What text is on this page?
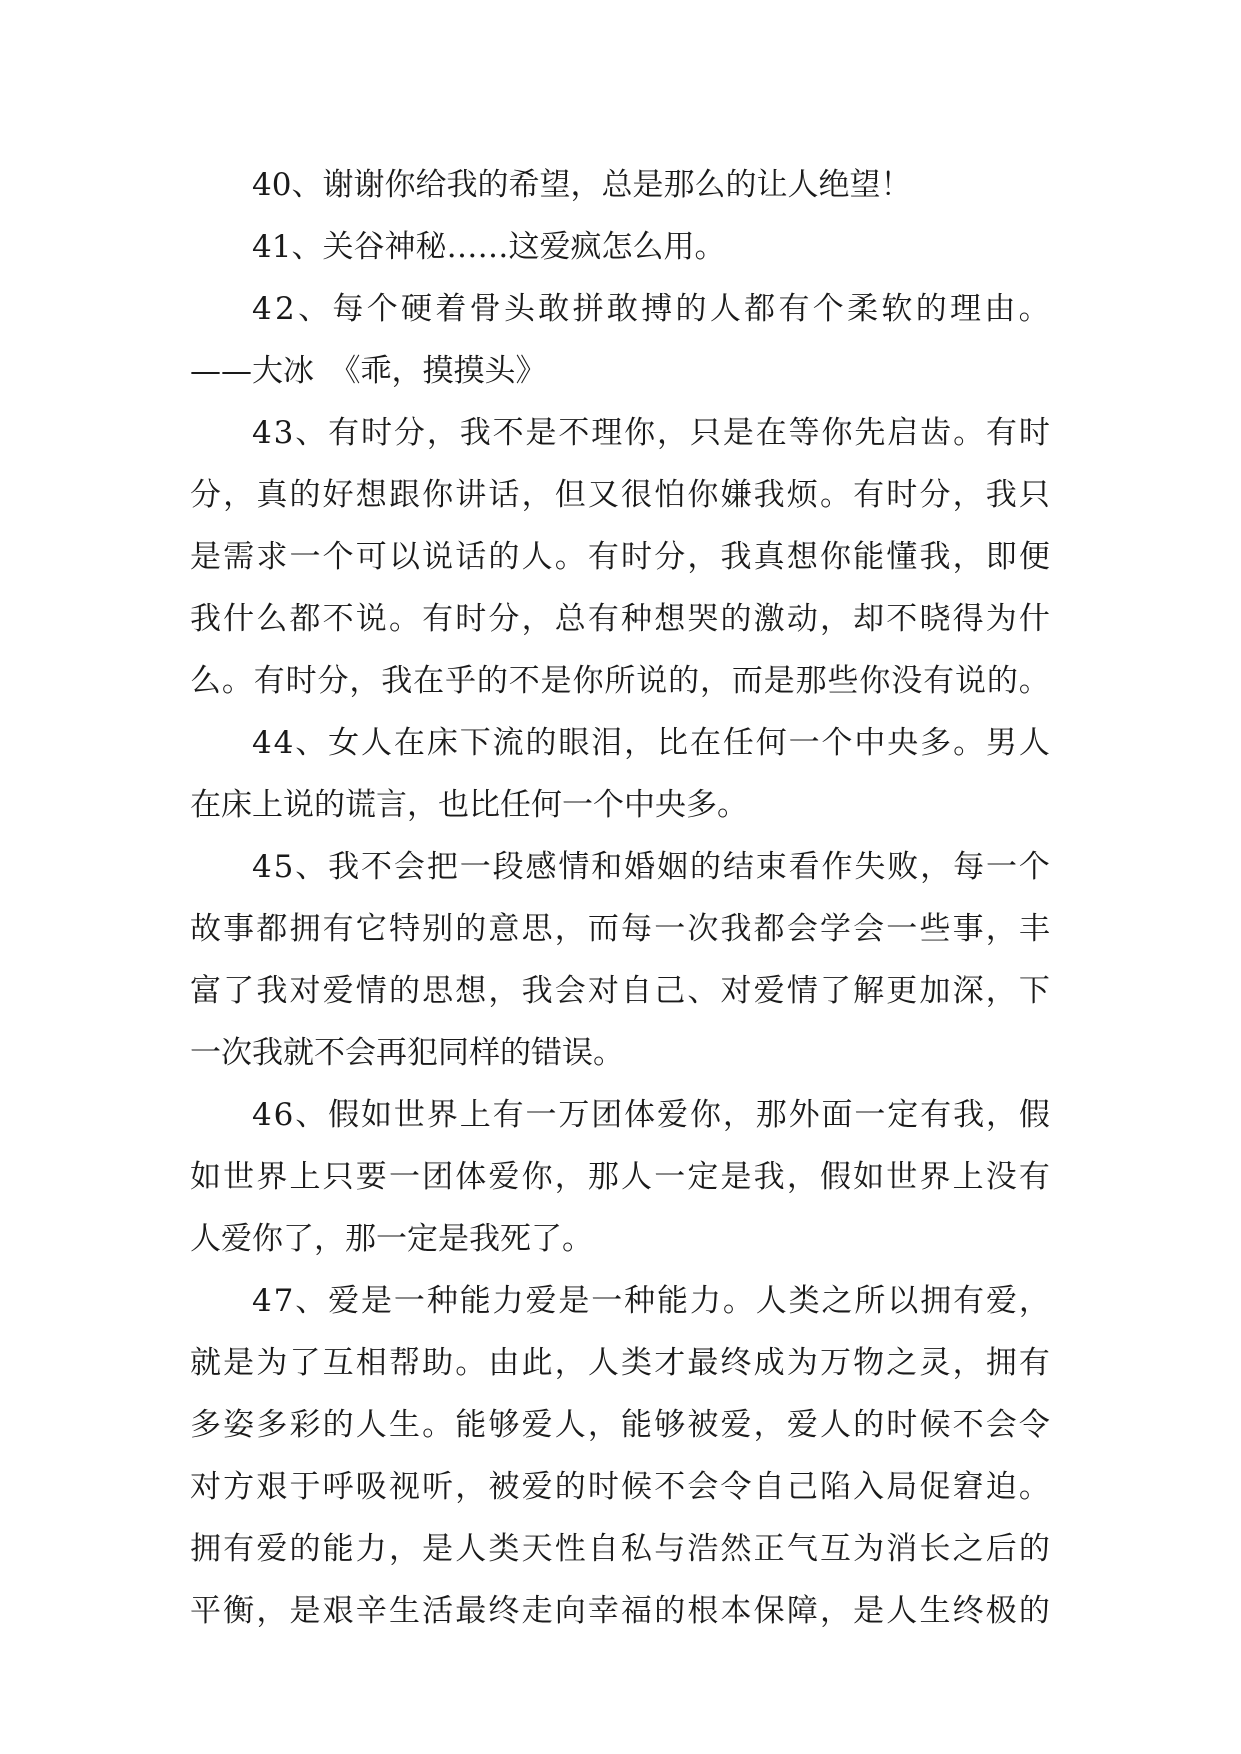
40、谢谢你给我的希望，总是那么的让人绝望！
41、关谷神秘……这爱疯怎么用。
4 2 、 每 个 硬 着 骨 头 敢 拼 敢 搏 的 人 都 有 个 柔 软 的 理 由 。
——大冰　《乖，摸摸头》
4 3 、 有 时 分 ， 我 不 是 不 理 你 ， 只 是 在 等 你 先 启 齿 。 有 时
分 ， 真 的 好 想 跟 你 讲 话 ， 但 又 很 怕 你 嫌 我 烦 。 有 时 分 ， 我 只
是 需 求 一 个 可 以 说 话 的 人 。 有 时 分 ， 我 真 想 你 能 懂 我 ， 即 便
我 什 么 都 不 说 。 有 时 分 ， 总 有 种 想 哭 的 激 动 ， 却 不 晓 得 为 什
么 。 有 时 分 ， 我 在 乎 的 不 是 你 所 说 的 ， 而 是 那 些 你 没 有 说 的 。
4 4 、 女 人 在 床 下 流 的 眼 泪 ， 比 在 任 何 一 个 中 央 多 。 男 人
在床上说的谎言，也比任何一个中央多。
4 5 、 我 不 会 把 一 段 感 情 和 婚 姻 的 结 束 看 作 失 败 ， 每 一 个
故 事 都 拥 有 它 特 别 的 意 思 ， 而 每 一 次 我 都 会 学 会 一 些 事 ， 丰
富 了 我 对 爱 情 的 思 想 ， 我 会 对 自 己 、 对 爱 情 了 解 更 加 深 ， 下
一次我就不会再犯同样的错误。
4 6 、 假 如 世 界 上 有 一 万 团 体 爱 你 ， 那 外 面 一 定 有 我 ， 假
如 世 界 上 只 要 一 团 体 爱 你 ， 那 人 一 定 是 我 ， 假 如 世 界 上 没 有
人爱你了，那一定是我死了。
4 7 、 爱 是 一 种 能 力 爱 是 一 种 能 力 。 人 类 之 所 以 拥 有 爱 ，
就 是 为 了 互 相 帮 助 。 由 此 ， 人 类 才 最 终 成 为 万 物 之 灵 ， 拥 有
多 姿 多 彩 的 人 生 。 能 够 爱 人 ， 能 够 被 爱 ， 爱 人 的 时 候 不 会 令
对 方 艰 于 呼 吸 视 听 ， 被 爱 的 时 候 不 会 令 自 己 陷 入 局 促 窘 迫 。
拥 有 爱 的 能 力 ， 是 人 类 天 性 自 私 与 浩 然 正 气 互 为 消 长 之 后 的
平 衡 ， 是 艰 辛 生 活 最 终 走 向 幸 福 的 根 本 保 障 ， 是 人 生 终 极 的
